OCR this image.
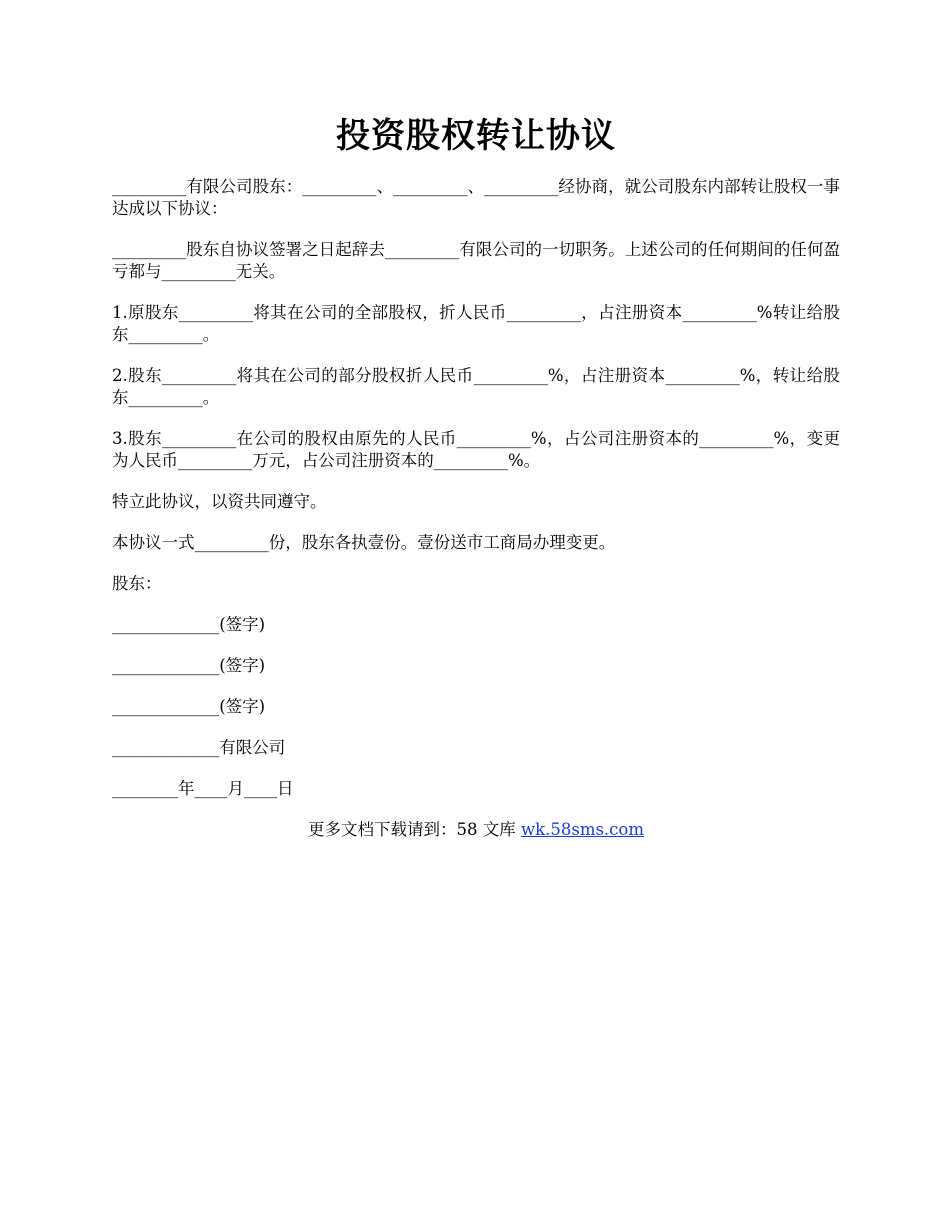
投资股权转让协议

_________有限公司股东：_________、_________、_________经协商，就公司股东内部转让股权一事达成以下协议：

_________股东自协议签署之日起辞去_________有限公司的一切职务。上述公司的任何期间的任何盈亏都与_________无关。

1.原股东_________将其在公司的全部股权，折人民币_________，占注册资本_________%转让给股东_________。

2.股东_________将其在公司的部分股权折人民币_________%，占注册资本_________%，转让给股东_________。

3.股东_________在公司的股权由原先的人民币_________%，占公司注册资本的_________%，变更为人民币_________万元，占公司注册资本的_________%。

特立此协议，以资共同遵守。

本协议一式_________份，股东各执壹份。壹份送市工商局办理变更。

股东：

_____________(签字)

_____________(签字)

_____________(签字)

_____________有限公司

________年____月____日

更多文档下载请到：58 文库 wk.58sms.com
